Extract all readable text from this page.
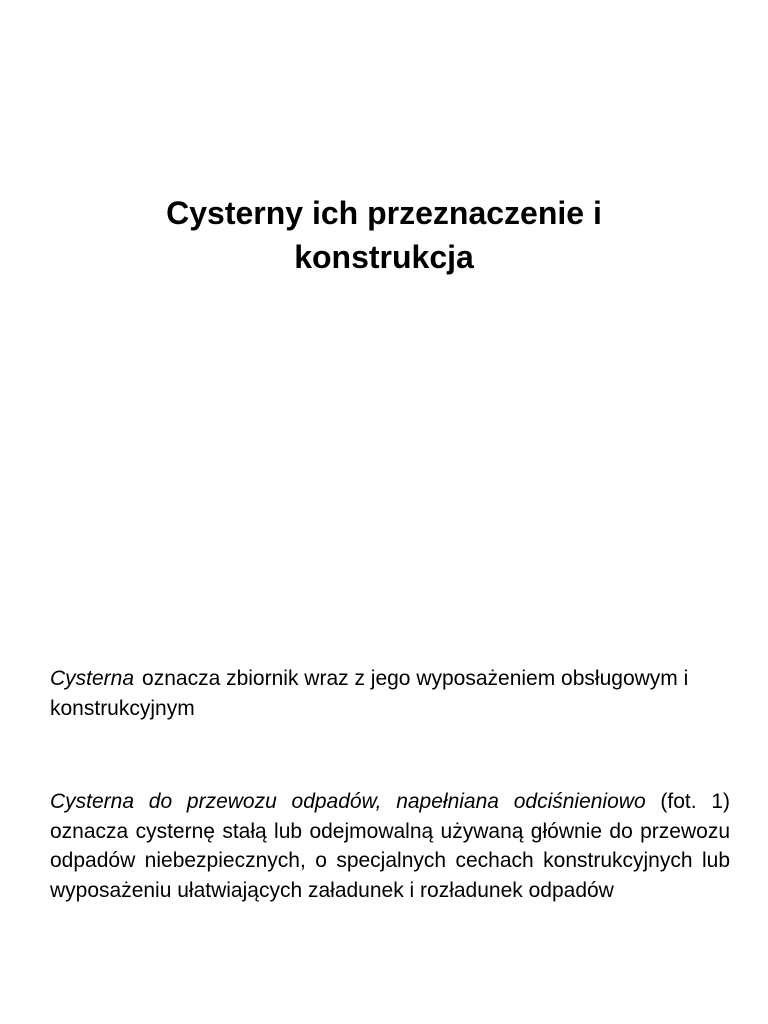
Cysterny ich przeznaczenie i
konstrukcja

Cysterna oznacza zbiornik wraz z jego wyposażeniem obsługowym i konstrukcyjnym

Cysterna do przewozu odpadów, napełniana odciśnieniowo (fot. 1) oznacza cysternę stałą lub odejmowalną używaną głównie do przewozu odpadów niebezpiecznych, o specjalnych cechach konstrukcyjnych lub wyposażeniu ułatwiających załadunek i rozładunek odpadów
